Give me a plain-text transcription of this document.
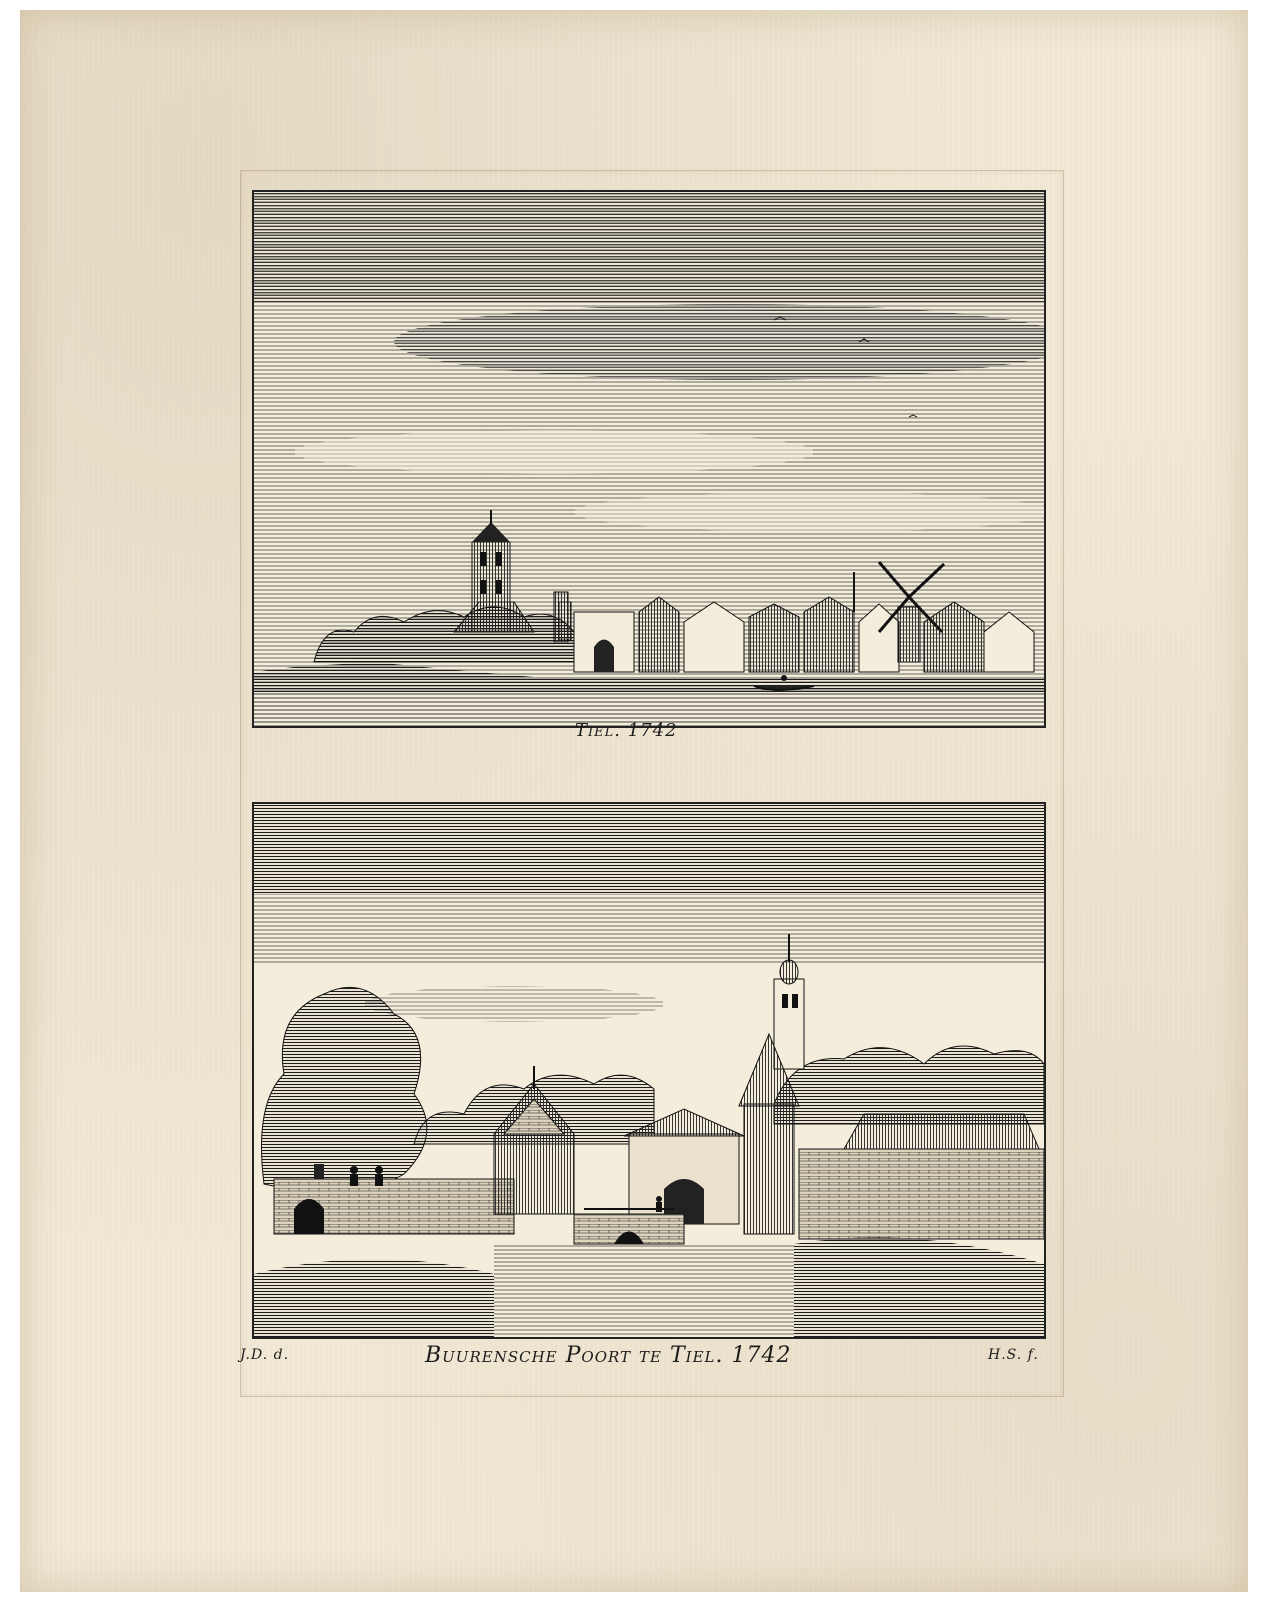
Tiel. 1742
J.D. d.	Buurensche Poort te Tiel. 1742	H.S. f.
